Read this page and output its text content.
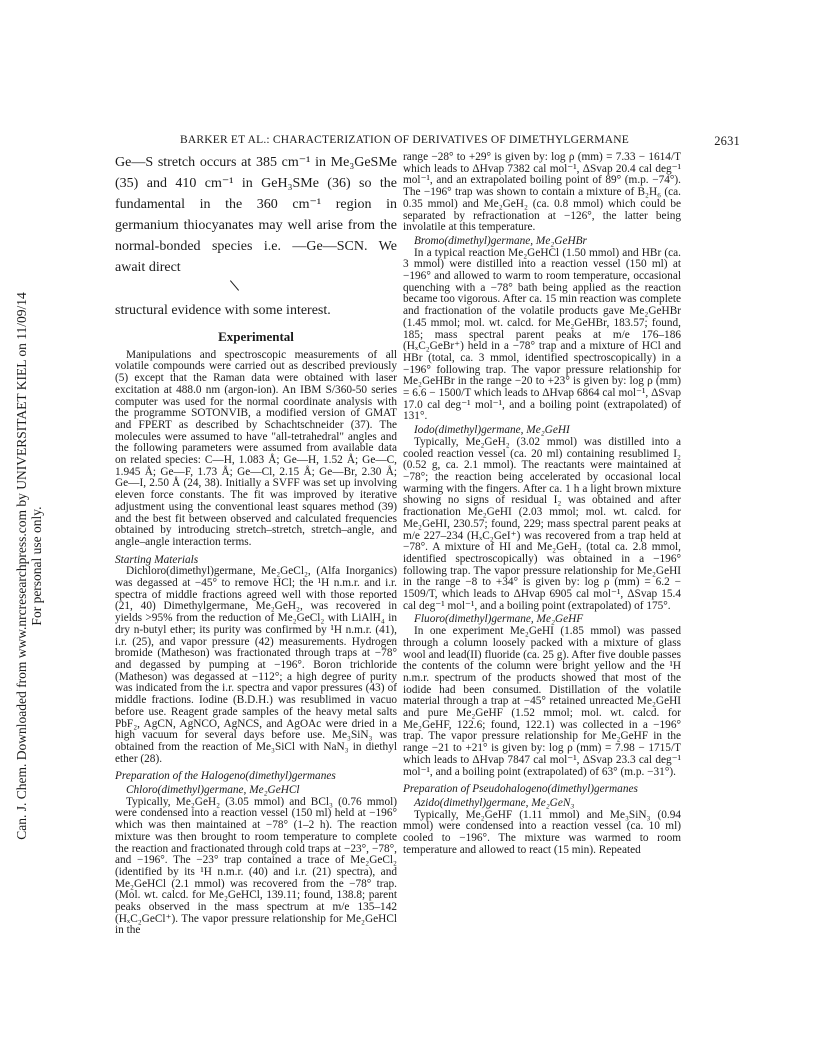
Can. J. Chem. Downloaded from www.nrcresearchpress.com by UNIVERSITAET KIEL on 11/09/14 For personal use only.
BARKER ET AL.: CHARACTERIZATION OF DERIVATIVES OF DIMETHYLGERMANE	2631

Ge—S stretch occurs at 385 cm⁻¹ in Me₃GeSMe (35) and 410 cm⁻¹ in GeH₃SMe (36) so the fundamental in the 360 cm⁻¹ region in germanium thiocyanates may well arise from the normal-bonded species i.e. —Ge—SCN. We await direct

structural evidence with some interest.

Experimental

Manipulations and spectroscopic measurements of all volatile compounds were carried out as described previously (5) except that the Raman data were obtained with laser excitation at 488.0 nm (argon-ion). An IBM S/360-50 series computer was used for the normal coordinate analysis with the programme SOTONVIB, a modified version of GMAT and FPERT as described by Schachtschneider (37). The molecules were assumed to have "all-tetrahedral" angles and the following parameters were assumed from available data on related species: C—H, 1.083 Å; Ge—H, 1.52 Å; Ge—C, 1.945 Å; Ge—F, 1.73 Å; Ge—Cl, 2.15 Å; Ge—Br, 2.30 Å; Ge—I, 2.50 Å (24, 38). Initially a SVFF was set up involving eleven force constants. The fit was improved by iterative adjustment using the conventional least squares method (39) and the best fit between observed and calculated frequencies obtained by introducing stretch–stretch, stretch–angle, and angle–angle interaction terms.

Starting Materials

Dichloro(dimethyl)germane, Me₂GeCl₂, (Alfa Inorganics) was degassed at −45° to remove HCl; the ¹H n.m.r. and i.r. spectra of middle fractions agreed well with those reported (21, 40) Dimethylgermane, Me₂GeH₂, was recovered in yields >95% from the reduction of Me₂GeCl₂ with LiAlH₄ in dry n-butyl ether; its purity was confirmed by ¹H n.m.r. (41), i.r. (25), and vapor pressure (42) measurements. Hydrogen bromide (Matheson) was fractionated through traps at −78° and degassed by pumping at −196°. Boron trichloride (Matheson) was degassed at −112°; a high degree of purity was indicated from the i.r. spectra and vapor pressures (43) of middle fractions. Iodine (B.D.H.) was resublimed in vacuo before use. Reagent grade samples of the heavy metal salts PbF₂, AgCN, AgNCO, AgNCS, and AgOAc were dried in a high vacuum for several days before use. Me₃SiN₃ was obtained from the reaction of Me₃SiCl with NaN₃ in diethyl ether (28).

Preparation of the Halogeno(dimethyl)germanes

Chloro(dimethyl)germane, Me₂GeHCl

Typically, Me₂GeH₂ (3.05 mmol) and BCl₃ (0.76 mmol) were condensed into a reaction vessel (150 ml) held at −196° which was then maintained at −78° (1–2 h). The reaction mixture was then brought to room temperature to complete the reaction and fractionated through cold traps at −23°, −78°, and −196°. The −23° trap contained a trace of Me₂GeCl₂ (identified by its ¹H n.m.r. (40) and i.r. (21) spectra), and Me₂GeHCl (2.1 mmol) was recovered from the −78° trap. (Mol. wt. calcd. for Me₂GeHCl, 139.11; found, 138.8; parent peaks observed in the mass spectrum at m/e 135–142 (HₓC₂GeCl⁺). The vapor pressure relationship for Me₂GeHCl in the

range −28° to +29° is given by: log ρ (mm) = 7.33 − 1614/T which leads to ΔHvap 7382 cal mol⁻¹, ΔSvap 20.4 cal deg⁻¹ mol⁻¹, and an extrapolated boiling point of 89° (m.p. −74°). The −196° trap was shown to contain a mixture of B₂H₆ (ca. 0.35 mmol) and Me₂GeH₂ (ca. 0.8 mmol) which could be separated by refractionation at −126°, the latter being involatile at this temperature.

Bromo(dimethyl)germane, Me₂GeHBr

In a typical reaction Me₂GeHCl (1.50 mmol) and HBr (ca. 3 mmol) were distilled into a reaction vessel (150 ml) at −196° and allowed to warm to room temperature, occasional quenching with a −78° bath being applied as the reaction became too vigorous. After ca. 15 min reaction was complete and fractionation of the volatile products gave Me₂GeHBr (1.45 mmol; mol. wt. calcd. for Me₂GeHBr, 183.57; found, 185; mass spectral parent peaks at m/e 176–186 (HₓC₂GeBr⁺) held in a −78° trap and a mixture of HCl and HBr (total, ca. 3 mmol, identified spectroscopically) in a −196° following trap. The vapor pressure relationship for Me₂GeHBr in the range −20 to +23° is given by: log ρ (mm) = 6.6 − 1500/T which leads to ΔHvap 6864 cal mol⁻¹, ΔSvap 17.0 cal deg⁻¹ mol⁻¹, and a boiling point (extrapolated) of 131°.

Iodo(dimethyl)germane, Me₂GeHI

Typically, Me₂GeH₂ (3.02 mmol) was distilled into a cooled reaction vessel (ca. 20 ml) containing resublimed I₂ (0.52 g, ca. 2.1 mmol). The reactants were maintained at −78°; the reaction being accelerated by occasional local warming with the fingers. After ca. 1 h a light brown mixture showing no signs of residual I₂ was obtained and after fractionation Me₂GeHI (2.03 mmol; mol. wt. calcd. for Me₂GeHI, 230.57; found, 229; mass spectral parent peaks at m/e 227–234 (HₓC₂GeI⁺) was recovered from a trap held at −78°. A mixture of HI and Me₂GeH₂ (total ca. 2.8 mmol, identified spectroscopically) was obtained in a −196° following trap. The vapor pressure relationship for Me₂GeHI in the range −8 to +34° is given by: log ρ (mm) = 6.2 − 1509/T, which leads to ΔHvap 6905 cal mol⁻¹, ΔSvap 15.4 cal deg⁻¹ mol⁻¹, and a boiling point (extrapolated) of 175°.

Fluoro(dimethyl)germane, Me₂GeHF

In one experiment Me₂GeHI (1.85 mmol) was passed through a column loosely packed with a mixture of glass wool and lead(II) fluoride (ca. 25 g). After five double passes the contents of the column were bright yellow and the ¹H n.m.r. spectrum of the products showed that most of the iodide had been consumed. Distillation of the volatile material through a trap at −45° retained unreacted Me₂GeHI and pure Me₂GeHF (1.52 mmol; mol. wt. calcd. for Me₂GeHF, 122.6; found, 122.1) was collected in a −196° trap. The vapor pressure relationship for Me₂GeHF in the range −21 to +21° is given by: log ρ (mm) = 7.98 − 1715/T which leads to ΔHvap 7847 cal mol⁻¹, ΔSvap 23.3 cal deg⁻¹ mol⁻¹, and a boiling point (extrapolated) of 63° (m.p. −31°).

Preparation of Pseudohalogeno(dimethyl)germanes

Azido(dimethyl)germane, Me₂GeN₃

Typically, Me₂GeHF (1.11 mmol) and Me₃SiN₃ (0.94 mmol) were condensed into a reaction vessel (ca. 10 ml) cooled to −196°. The mixture was warmed to room temperature and allowed to react (15 min). Repeated
